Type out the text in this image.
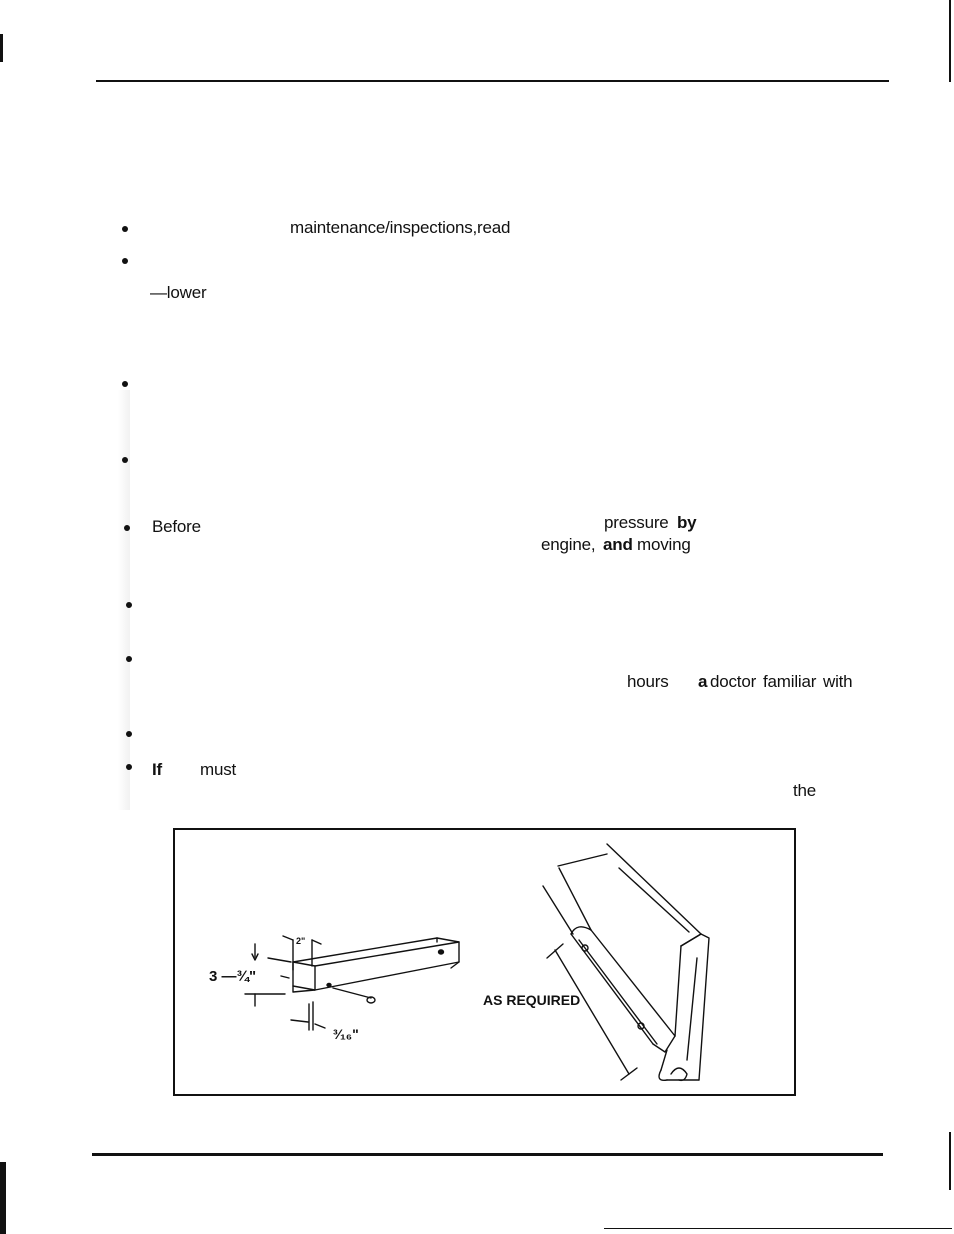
maintenance/inspections,read
—lower
Before	pressure by
engine, and moving
hours a doctor familiar with
If must
the
3 —¾"
2"
³⁄₁₆"
AS REQUIRED
